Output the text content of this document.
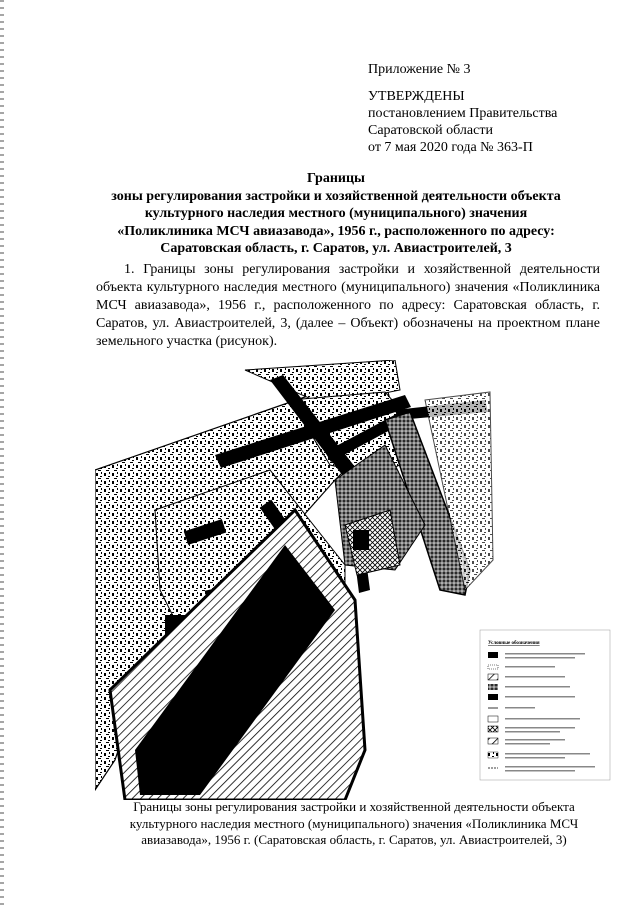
Приложение № 3
УТВЕРЖДЕНЫ
постановлением Правительства
Саратовской области
от 7 мая 2020 года № 363-П
Границы
зоны регулирования застройки и хозяйственной деятельности объекта
культурного наследия местного (муниципального) значения
«Поликлиника МСЧ авиазавода», 1956 г., расположенного по адресу:
Саратовская область, г. Саратов, ул. Авиастроителей, 3
1. Границы зоны регулирования застройки и хозяйственной деятельности объекта культурного наследия местного (муниципального) значения «Поликлиника МСЧ авиазавода», 1956 г., расположенного по адресу: Саратовская область, г. Саратов, ул. Авиастроителей, 3, (далее – Объект) обозначены на проектном плане земельного участка (рисунок).
Условные обозначения
Границы зоны регулирования застройки и хозяйственной деятельности объекта
культурного наследия местного (муниципального) значения «Поликлиника МСЧ
авиазавода», 1956 г. (Саратовская область, г. Саратов, ул. Авиастроителей, 3)
